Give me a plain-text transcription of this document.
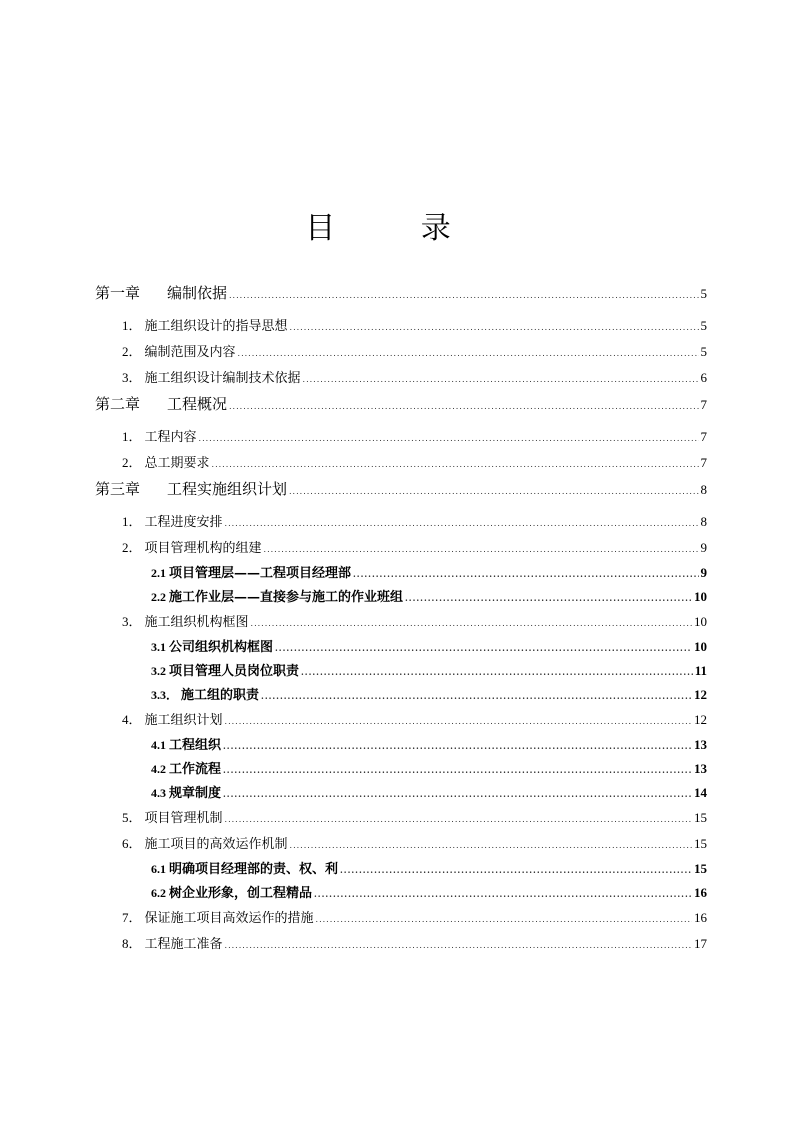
目 录
第一章 编制依据 .....	5
1． 施工组织设计的指导思想 .....	5
2． 编制范围及内容 .....	5
3． 施工组织设计编制技术依据 .....	6
第二章 工程概况 .....	7
1． 工程内容 .....	7
2． 总工期要求 .....	7
第三章 工程实施组织计划 .....	8
1． 工程进度安排 .....	8
2． 项目管理机构的组建 .....	9
2.1 项目管理层——工程项目经理部 .....	9
2.2 施工作业层——直接参与施工的作业班组 .....	10
3． 施工组织机构框图 .....	10
3.1 公司组织机构框图 .....	10
3.2 项目管理人员岗位职责 .....	11
3.3． 施工组的职责 .....	12
4． 施工组织计划 .....	12
4.1 工程组织 .....	13
4.2 工作流程 .....	13
4.3 规章制度 .....	14
5． 项目管理机制 .....	15
6． 施工项目的高效运作机制 .....	15
6.1 明确项目经理部的责、权、利 .....	15
6.2 树企业形象，创工程精品 .....	16
7． 保证施工项目高效运作的措施 .....	16
8． 工程施工准备 .....	17
